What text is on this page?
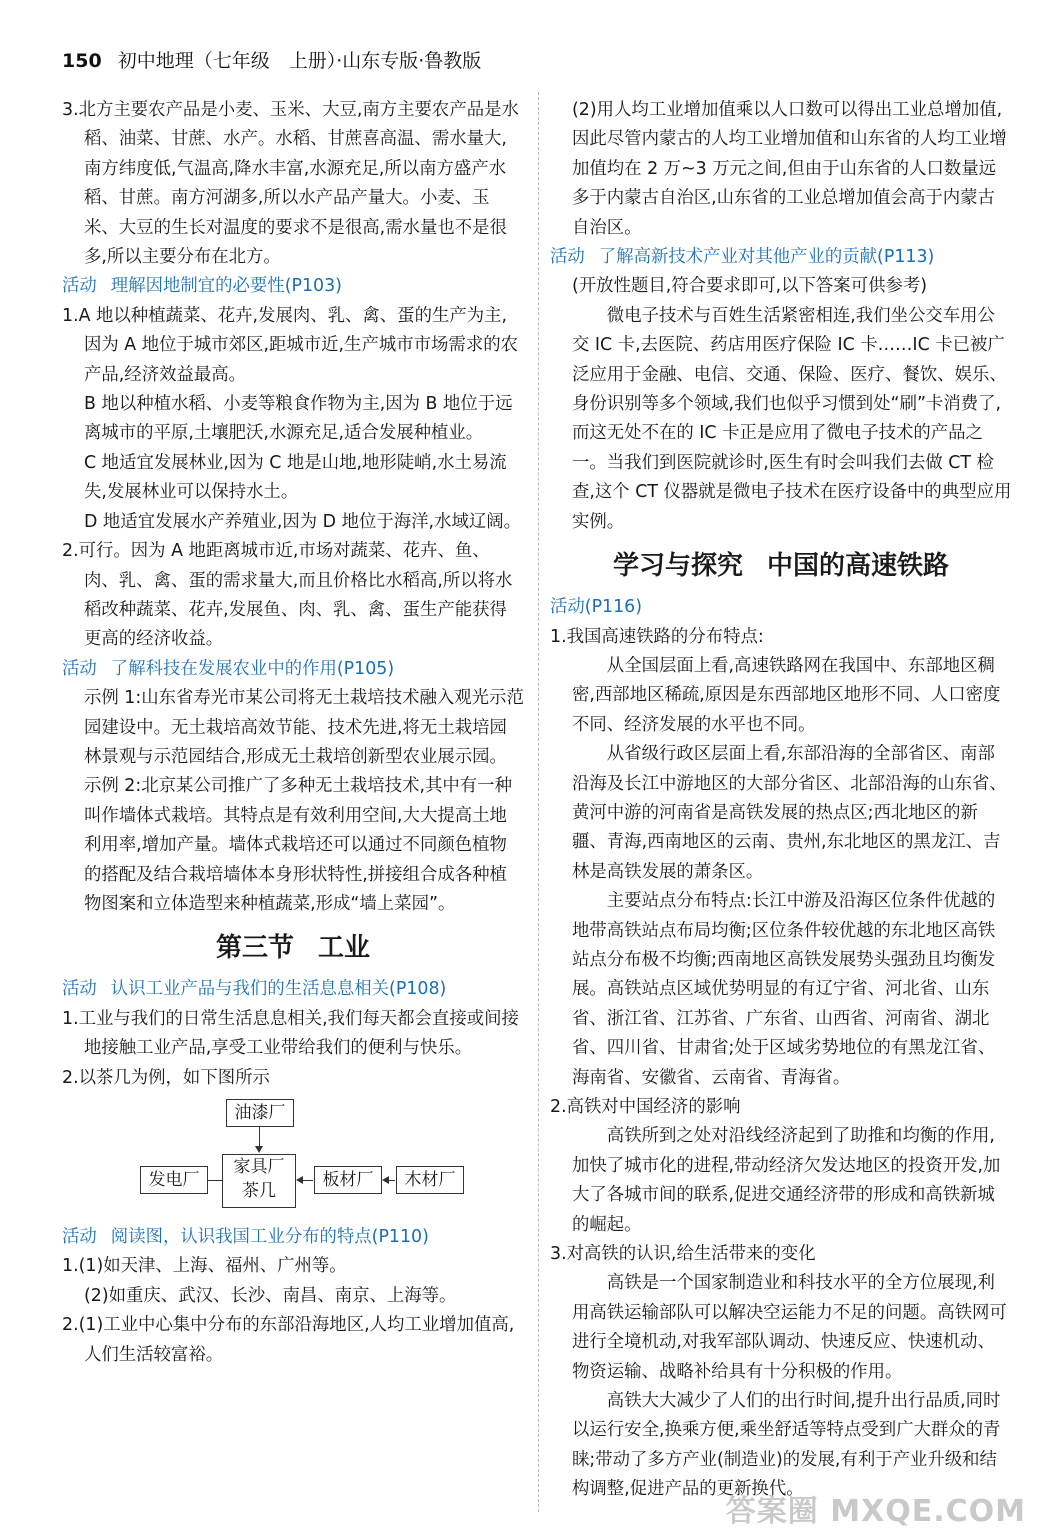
150 初中地理（七年级　上册）·山东专版·鲁教版

3.北方主要农产品是小麦、玉米、大豆,南方主要农产品是水稻、油菜、甘蔗、水产。水稻、甘蔗喜高温、需水量大,南方纬度低,气温高,降水丰富,水源充足,所以南方盛产水稻、甘蔗。南方河湖多,所以水产品产量大。小麦、玉米、大豆的生长对温度的要求不是很高,需水量也不是很多,所以主要分布在北方。

活动 理解因地制宜的必要性(P103)

1.A 地以种植蔬菜、花卉,发展肉、乳、禽、蛋的生产为主,因为 A 地位于城市郊区,距城市近,生产城市市场需求的农产品,经济效益最高。

B 地以种植水稻、小麦等粮食作物为主,因为 B 地位于远离城市的平原,土壤肥沃,水源充足,适合发展种植业。

C 地适宜发展林业,因为 C 地是山地,地形陡峭,水土易流失,发展林业可以保持水土。

D 地适宜发展水产养殖业,因为 D 地位于海洋,水域辽阔。

2.可行。因为 A 地距离城市近,市场对蔬菜、花卉、鱼、肉、乳、禽、蛋的需求量大,而且价格比水稻高,所以将水稻改种蔬菜、花卉,发展鱼、肉、乳、禽、蛋生产能获得更高的经济收益。

活动 了解科技在发展农业中的作用(P105)

示例 1:山东省寿光市某公司将无土栽培技术融入观光示范园建设中。无土栽培高效节能、技术先进,将无土栽培园林景观与示范园结合,形成无土栽培创新型农业展示园。

示例 2:北京某公司推广了多种无土栽培技术,其中有一种叫作墙体式栽培。其特点是有效利用空间,大大提高土地利用率,增加产量。墙体式栽培还可以通过不同颜色植物的搭配及结合栽培墙体本身形状特性,拼接组合成各种植物图案和立体造型来种植蔬菜,形成“墙上菜园”。

第三节 工业

活动 认识工业产品与我们的生活息息相关(P108)

1.工业与我们的日常生活息息相关,我们每天都会直接或间接地接触工业产品,享受工业带给我们的便利与快乐。

2.以茶几为例，如下图所示

油漆厂
家具厂
茶几
发电厂	板材厂	木材厂

活动 阅读图，认识我国工业分布的特点(P110)

1.(1)如天津、上海、福州、广州等。

(2)如重庆、武汉、长沙、南昌、南京、上海等。

2.(1)工业中心集中分布的东部沿海地区,人均工业增加值高,人们生活较富裕。

(2)用人均工业增加值乘以人口数可以得出工业总增加值,因此尽管内蒙古的人均工业增加值和山东省的人均工业增加值均在 2 万~3 万元之间,但由于山东省的人口数量远多于内蒙古自治区,山东省的工业总增加值会高于内蒙古自治区。

活动 了解高新技术产业对其他产业的贡献(P113)

(开放性题目,符合要求即可,以下答案可供参考)

微电子技术与百姓生活紧密相连,我们坐公交车用公交 IC 卡,去医院、药店用医疗保险 IC 卡……IC 卡已被广泛应用于金融、电信、交通、保险、医疗、餐饮、娱乐、身份识别等多个领域,我们也似乎习惯到处“刷”卡消费了,而这无处不在的 IC 卡正是应用了微电子技术的产品之一。当我们到医院就诊时,医生有时会叫我们去做 CT 检查,这个 CT 仪器就是微电子技术在医疗设备中的典型应用实例。

学习与探究 中国的高速铁路

活动(P116)

1.我国高速铁路的分布特点:

从全国层面上看,高速铁路网在我国中、东部地区稠密,西部地区稀疏,原因是东西部地区地形不同、人口密度不同、经济发展的水平也不同。

从省级行政区层面上看,东部沿海的全部省区、南部沿海及长江中游地区的大部分省区、北部沿海的山东省、黄河中游的河南省是高铁发展的热点区;西北地区的新疆、青海,西南地区的云南、贵州,东北地区的黑龙江、吉林是高铁发展的萧条区。

主要站点分布特点:长江中游及沿海区位条件优越的地带高铁站点布局均衡;区位条件较优越的东北地区高铁站点分布极不均衡;西南地区高铁发展势头强劲且均衡发展。高铁站点区域优势明显的有辽宁省、河北省、山东省、浙江省、江苏省、广东省、山西省、河南省、湖北省、四川省、甘肃省;处于区域劣势地位的有黑龙江省、海南省、安徽省、云南省、青海省。

2.高铁对中国经济的影响

高铁所到之处对沿线经济起到了助推和均衡的作用,加快了城市化的进程,带动经济欠发达地区的投资开发,加大了各城市间的联系,促进交通经济带的形成和高铁新城的崛起。

3.对高铁的认识,给生活带来的变化

高铁是一个国家制造业和科技水平的全方位展现,利用高铁运输部队可以解决空运能力不足的问题。高铁网可进行全境机动,对我军部队调动、快速反应、快速机动、物资运输、战略补给具有十分积极的作用。

高铁大大减少了人们的出行时间,提升出行品质,同时以运行安全,换乘方便,乘坐舒适等特点受到广大群众的青睐;带动了多方产业(制造业)的发展,有利于产业升级和结构调整,促进产品的更新换代。

答案圈 MXQE.COM
